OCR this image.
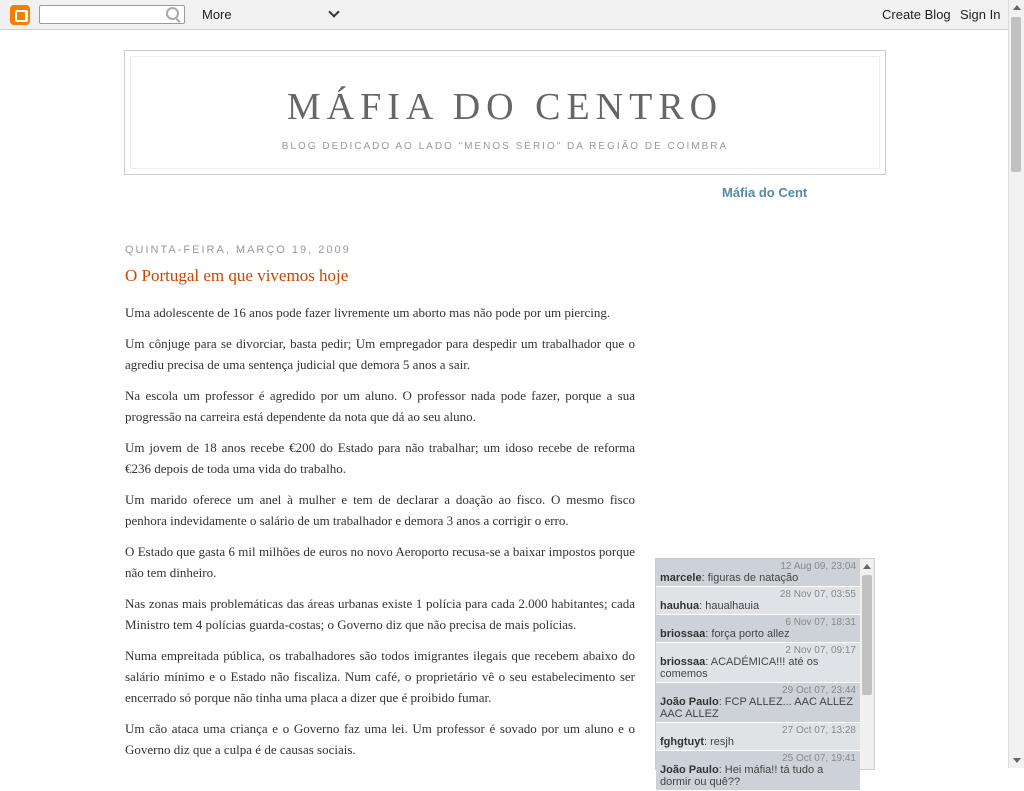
More	Create Blog Sign In
MÁFIA DO CENTRO
BLOG DEDICADO AO LADO "MENOS SÉRIO" DA REGIÃO DE COIMBRA
Máfia do Cent
QUINTA-FEIRA, MARÇO 19, 2009
O Portugal em que vivemos hoje

Uma adolescente de 16 anos pode fazer livremente um aborto mas não pode por um piercing.

Um cônjuge para se divorciar, basta pedir; Um empregador para despedir um trabalhador que o agrediu precisa de uma sentença judicial que demora 5 anos a sair.

Na escola um professor é agredido por um aluno. O professor nada pode fazer, porque a sua progressão na carreira está dependente da nota que dá ao seu aluno.

Um jovem de 18 anos recebe €200 do Estado para não trabalhar; um idoso recebe de reforma €236 depois de toda uma vida do trabalho.

Um marido oferece um anel à mulher e tem de declarar a doação ao fisco. O mesmo fisco penhora indevidamente o salário de um trabalhador e demora 3 anos a corrigir o erro.

O Estado que gasta 6 mil milhões de euros no novo Aeroporto recusa-se a baixar impostos porque não tem dinheiro.

Nas zonas mais problemáticas das áreas urbanas existe 1 polícia para cada 2.000 habitantes; cada Ministro tem 4 polícias guarda-costas; o Governo diz que não precisa de mais polícias.

Numa empreitada pública, os trabalhadores são todos imigrantes ilegais que recebem abaixo do salário mínimo e o Estado não fiscaliza. Num café, o proprietário vê o seu estabelecimento ser encerrado só porque não tinha uma placa a dizer que é proibido fumar.

Um cão ataca uma criança e o Governo faz uma lei. Um professor é sovado por um aluno e o Governo diz que a culpa é de causas sociais.

12 Aug 09, 23:04
marcele: figuras de natação
28 Nov 07, 03:55
hauhua: haualhauia
6 Nov 07, 18:31
briossaa: força porto allez
2 Nov 07, 09:17
briossaa: ACADÉMICA!!! até os comemos
29 Oct 07, 23:44
João Paulo: FCP ALLEZ... AAC ALLEZ AAC ALLEZ
27 Oct 07, 13:28
fghgtuyt: resjh
25 Oct 07, 19:41
João Paulo: Hei máfia!! tá tudo a dormir ou quê??
